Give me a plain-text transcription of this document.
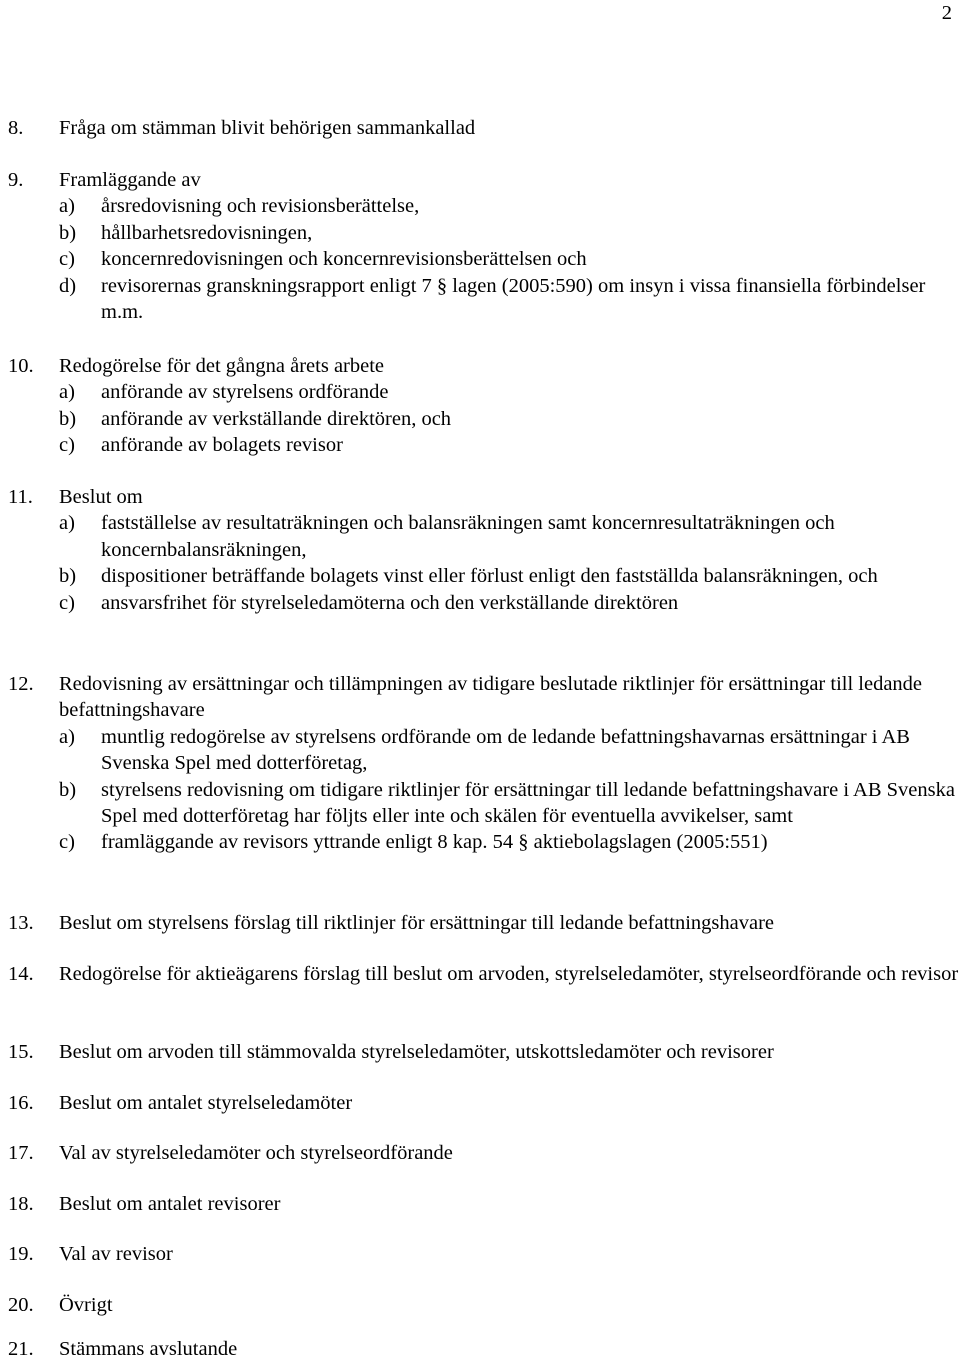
2
8. Fråga om stämman blivit behörigen sammankallad
9. Framläggande av
a) årsredovisning och revisionsberättelse,
b) hållbarhetsredovisningen,
c) koncernredovisningen och koncernrevisionsberättelsen och
d) revisorernas granskningsrapport enligt 7 § lagen (2005:590) om insyn i vissa finansiella förbindelser m.m.
10. Redogörelse för det gångna årets arbete
a) anförande av styrelsens ordförande
b) anförande av verkställande direktören, och
c) anförande av bolagets revisor
11. Beslut om
a) fastställelse av resultaträkningen och balansräkningen samt koncernresultaträkningen och koncernbalansräkningen,
b) dispositioner beträffande bolagets vinst eller förlust enligt den fastställda balansräkningen, och
c) ansvarsfrihet för styrelseledamöterna och den verkställande direktören
12. Redovisning av ersättningar och tillämpningen av tidigare beslutade riktlinjer för ersättningar till ledande befattningshavare
a) muntlig redogörelse av styrelsens ordförande om de ledande befattningshavarnas ersättningar i AB Svenska Spel med dotterföretag,
b) styrelsens redovisning om tidigare riktlinjer för ersättningar till ledande befattningshavare i AB Svenska Spel med dotterföretag har följts eller inte och skälen för eventuella avvikelser, samt
c) framläggande av revisors yttrande enligt 8 kap. 54 § aktiebolagslagen (2005:551)
13. Beslut om styrelsens förslag till riktlinjer för ersättningar till ledande befattningshavare
14. Redogörelse för aktieägarens förslag till beslut om arvoden, styrelseledamöter, styrelseordförande och revisor
15. Beslut om arvoden till stämmovalda styrelseledamöter, utskottsledamöter och revisorer
16. Beslut om antalet styrelseledamöter
17. Val av styrelseledamöter och styrelseordförande
18. Beslut om antalet revisorer
19. Val av revisor
20. Övrigt
21. Stämmans avslutande
